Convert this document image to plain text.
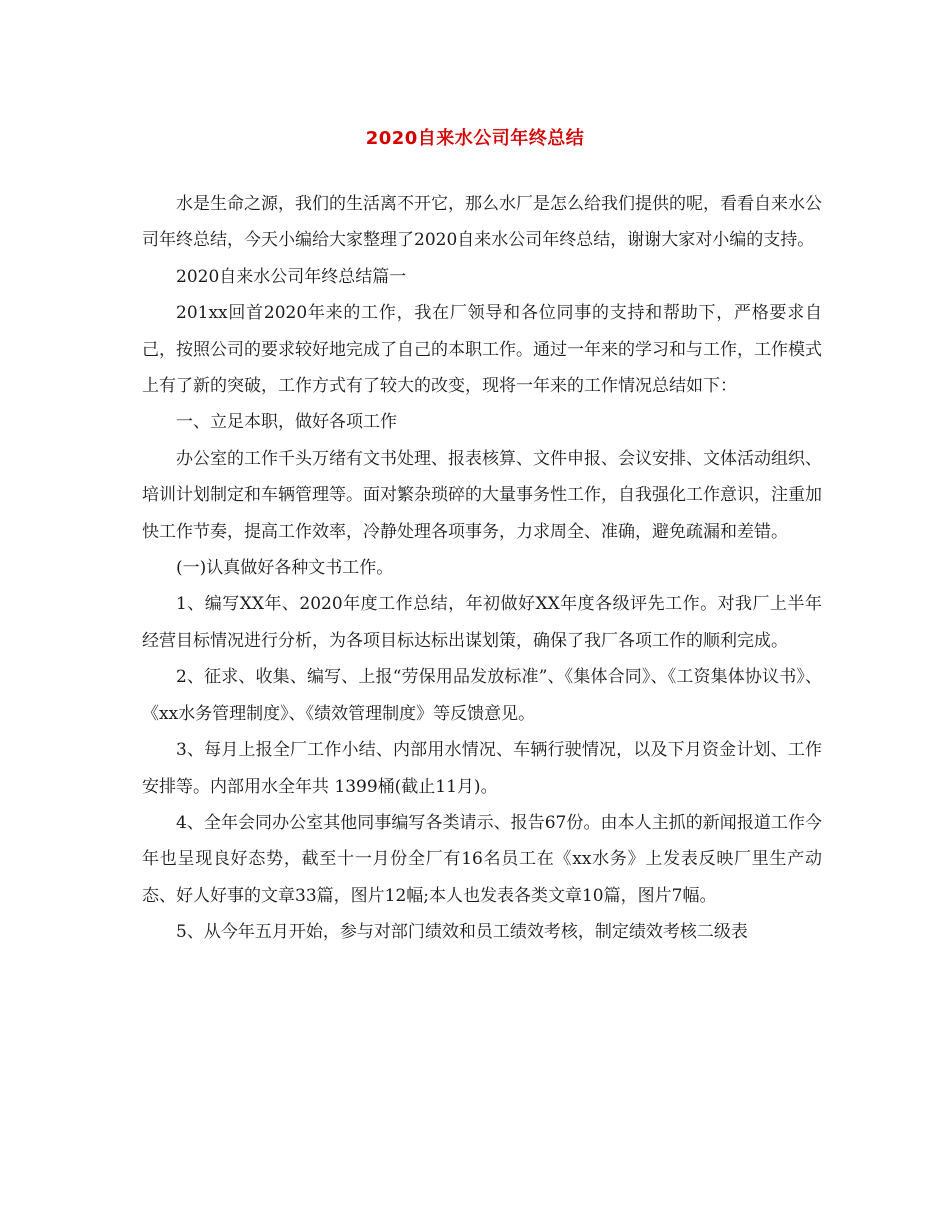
2020自来水公司年终总结

水是生命之源，我们的生活离不开它，那么水厂是怎么给我们提供的呢，看看自来水公司年终总结，今天小编给大家整理了2020自来水公司年终总结，谢谢大家对小编的支持。

2020自来水公司年终总结篇一

201xx回首2020年来的工作，我在厂领导和各位同事的支持和帮助下，严格要求自己，按照公司的要求较好地完成了自己的本职工作。通过一年来的学习和与工作，工作模式上有了新的突破，工作方式有了较大的改变，现将一年来的工作情况总结如下：

一、立足本职，做好各项工作

办公室的工作千头万绪有文书处理、报表核算、文件申报、会议安排、文体活动组织、培训计划制定和车辆管理等。面对繁杂琐碎的大量事务性工作，自我强化工作意识，注重加快工作节奏，提高工作效率，冷静处理各项事务，力求周全、准确，避免疏漏和差错。

(一)认真做好各种文书工作。

1、编写XX年、2020年度工作总结，年初做好XX年度各级评先工作。对我厂上半年经营目标情况进行分析，为各项目标达标出谋划策，确保了我厂各项工作的顺利完成。

2、征求、收集、编写、上报“劳保用品发放标准”、《集体合同》、《工资集体协议书》、《xx水务管理制度》、《绩效管理制度》等反馈意见。

3、每月上报全厂工作小结、内部用水情况、车辆行驶情况，以及下月资金计划、工作安排等。内部用水全年共 1399桶(截止11月)。

4、全年会同办公室其他同事编写各类请示、报告67份。由本人主抓的新闻报道工作今年也呈现良好态势，截至十一月份全厂有16名员工在《xx水务》上发表反映厂里生产动态、好人好事的文章33篇，图片12幅;本人也发表各类文章10篇，图片7幅。

5、从今年五月开始，参与对部门绩效和员工绩效考核，制定绩效考核二级表
